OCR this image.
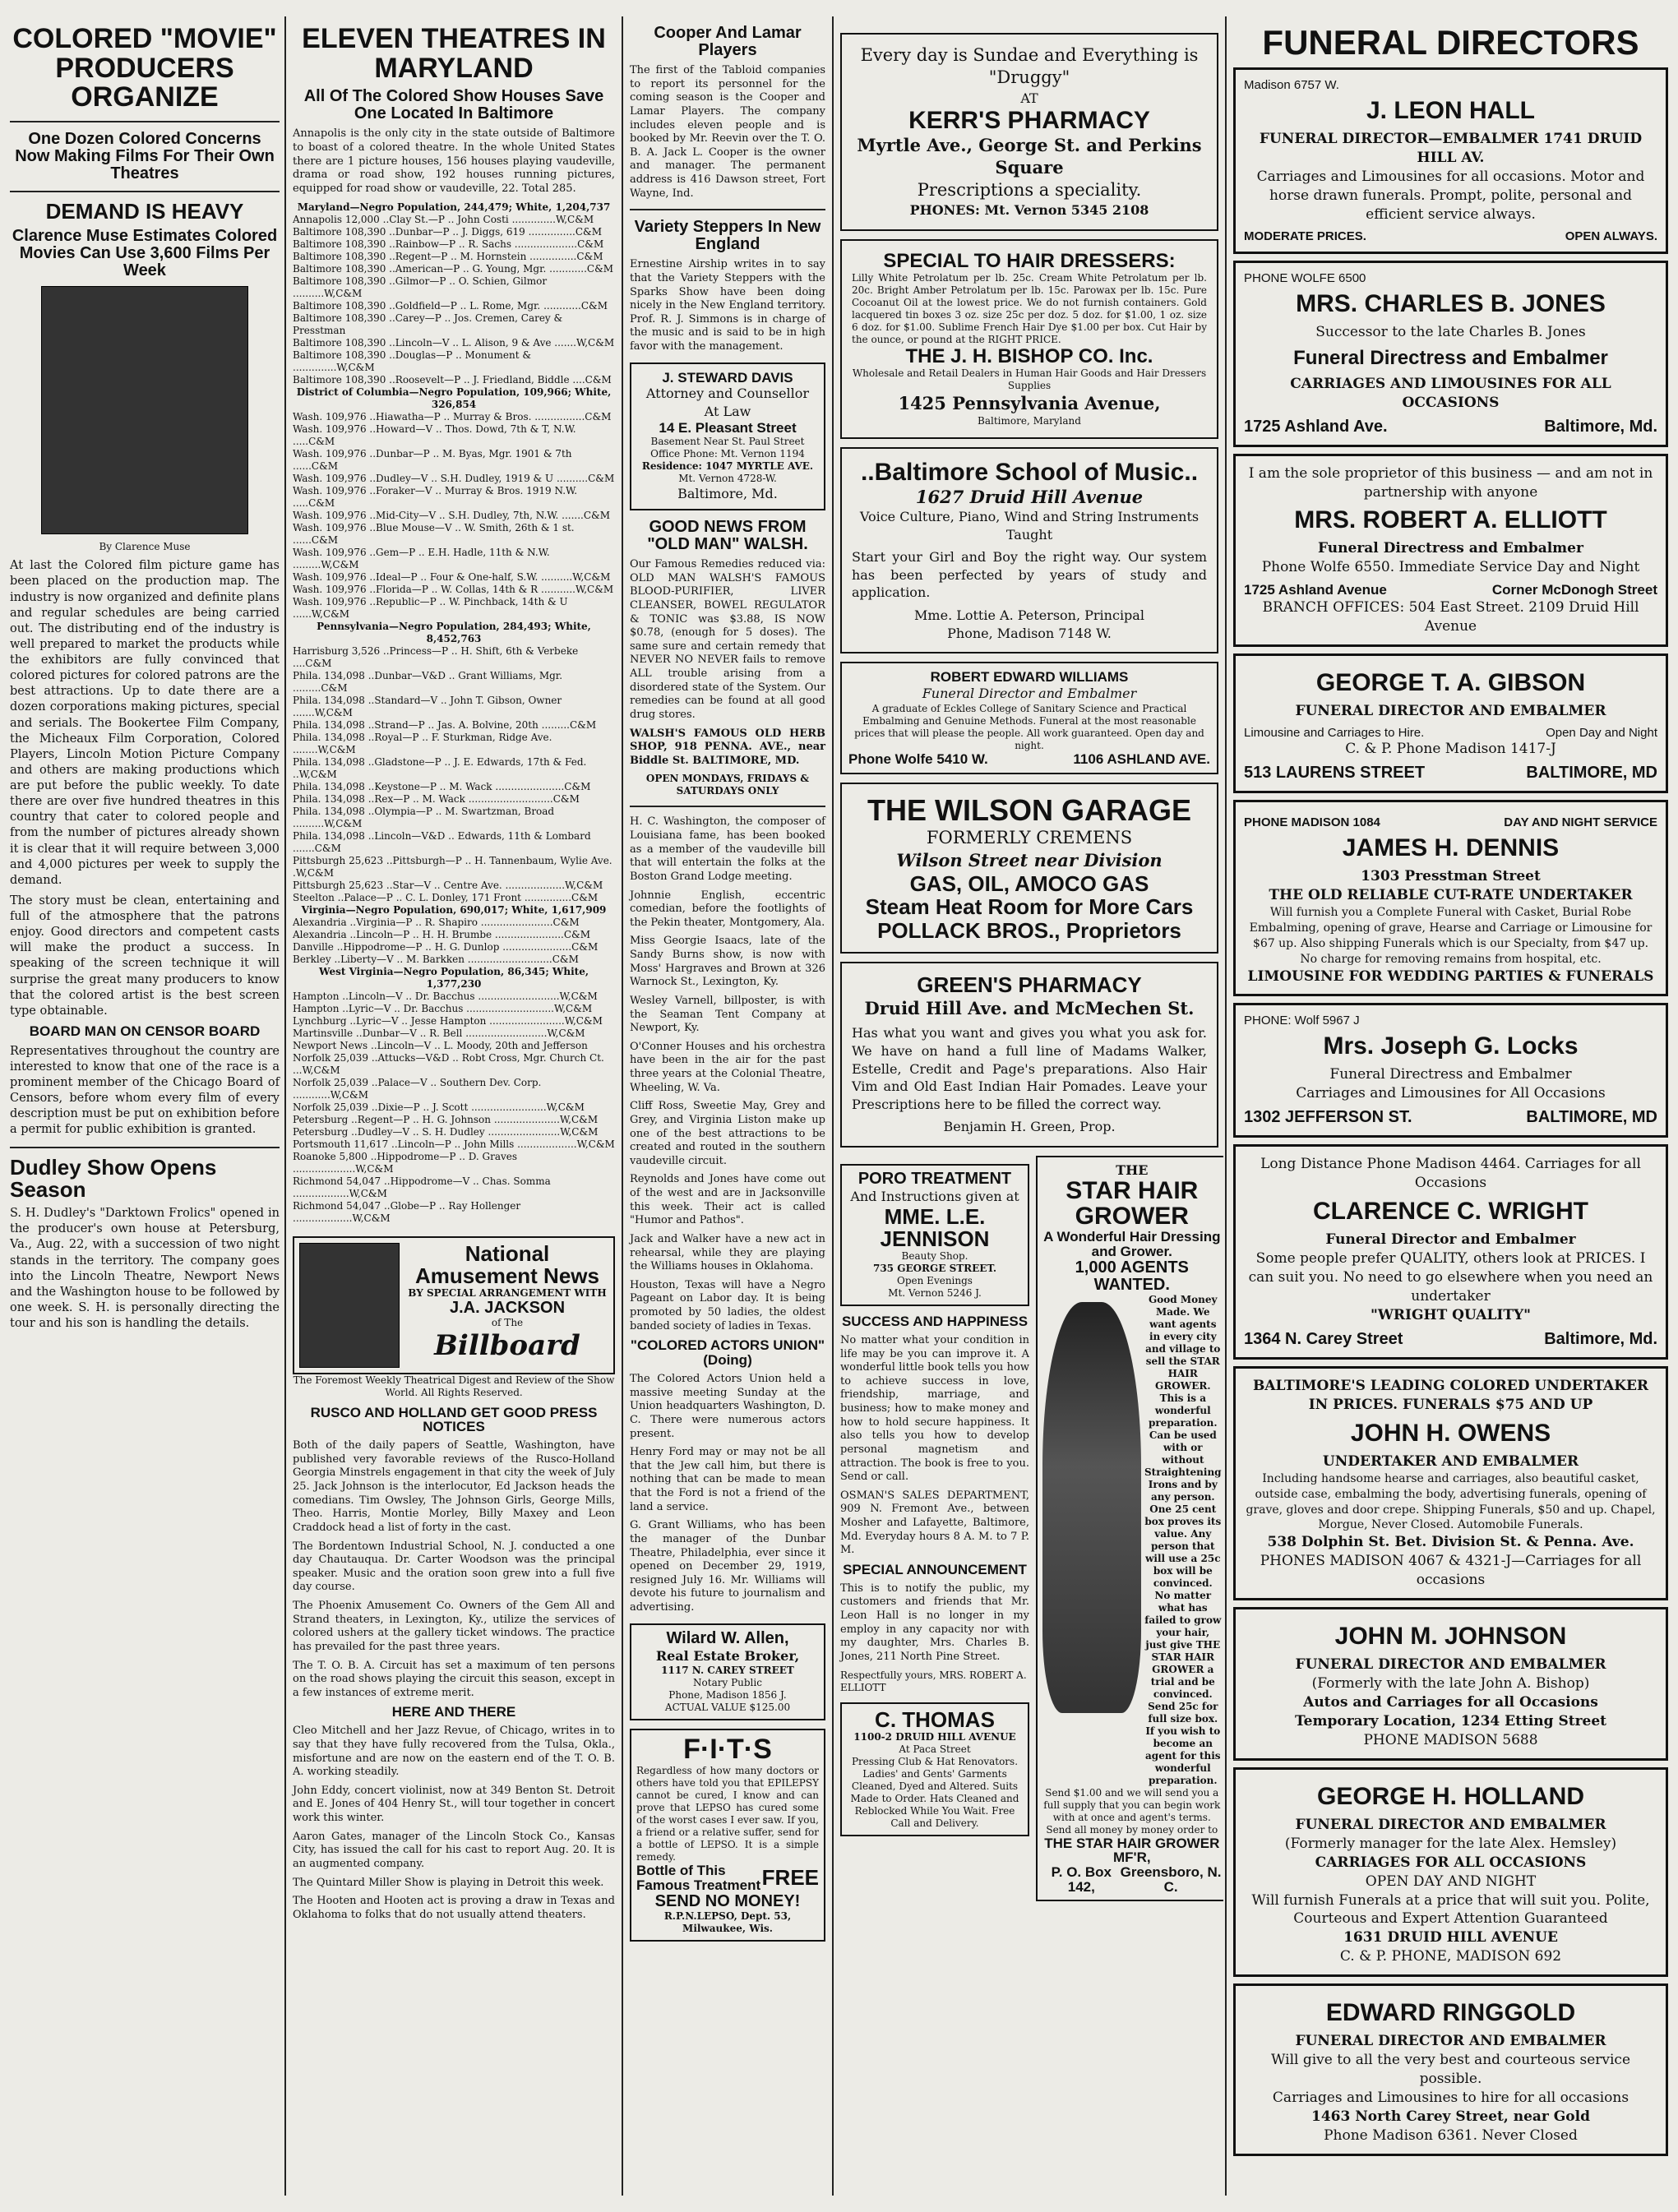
COLORED "MOVIE" PRODUCERS ORGANIZE

One Dozen Colored Concerns Now Making Films For Their Own Theatres

DEMAND IS HEAVY

Clarence Muse Estimates Colored Movies Can Use 3,600 Films Per Week

By Clarence Muse

At last the Colored film picture game has been placed on the production map. The industry is now organized and definite plans and regular schedules are being carried out. The distributing end of the industry is well prepared to market the products while the exhibitors are fully convinced that colored pictures for colored patrons are the best attractions. Up to date there are a dozen corporations making pictures, special and serials. The Bookertee Film Company, the Micheaux Film Corporation, Colored Players, Lincoln Motion Picture Company and others are making productions which are put before the public weekly. To date there are over five hundred theatres in this country that cater to colored people and from the number of pictures already shown it is clear that it will require between 3,000 and 4,000 pictures per week to supply the demand.

The story must be clean, entertaining and full of the atmosphere that the patrons enjoy. Good directors and competent casts will make the product a success. In speaking of the screen technique it will surprise the great many producers to know that the colored artist is the best screen type obtainable.

BOARD MAN ON CENSOR BOARD

Representatives throughout the country are interested to know that one of the race is a prominent member of the Chicago Board of Censors, before whom every film of every description must be put on exhibition before a permit for public exhibition is granted.

Dudley Show Opens Season

S. H. Dudley's "Darktown Frolics" opened in the producer's own house at Petersburg, Va., Aug. 22, with a succession of two night stands in the territory. The company goes into the Lincoln Theatre, Newport News and the Washington house to be followed by one week. S. H. is personally directing the tour and his son is handling the details.

ELEVEN THEATRES IN MARYLAND

All Of The Colored Show Houses Save One Located In Baltimore

Annapolis is the only city in the state outside of Baltimore to boast of a colored theatre. In the whole United States there are 1 picture houses, 156 houses playing vaudeville, drama or road show, 192 houses running pictures, equipped for road show or vaudeville, 22. Total 285.

Maryland—Negro Population, 244,479; White, 1,204,737

Annapolis 12,000 ..Clay St.—P .. John Costi ..............W,C&M
Baltimore 108,390 ..Dunbar—P .. J. Diggs, 619 ...............C&M
Baltimore 108,390 ..Rainbow—P .. R. Sachs ....................C&M
Baltimore 108,390 ..Regent—P .. M. Hornstein ...............C&M
Baltimore 108,390 ..American—P .. G. Young, Mgr. ............C&M
Baltimore 108,390 ..Gilmor—P .. O. Schien, Gilmor ..........W,C&M
Baltimore 108,390 ..Goldfield—P .. L. Rome, Mgr. ............C&M
Baltimore 108,390 ..Carey—P .. Jos. Cremen, Carey & Presstman
Baltimore 108,390 ..Lincoln—V .. L. Alison, 9 & Ave .......W,C&M
Baltimore 108,390 ..Douglas—P .. Monument & ..............W,C&M
Baltimore 108,390 ..Roosevelt—P .. J. Friedland, Biddle ....C&M

District of Columbia—Negro Population, 109,966; White, 326,854

Wash. 109,976 ..Hiawatha—P .. Murray & Bros. ................C&M
Wash. 109,976 ..Howard—V .. Thos. Dowd, 7th & T, N.W. .....C&M
Wash. 109,976 ..Dunbar—P .. M. Byas, Mgr. 1901 & 7th ......C&M
Wash. 109,976 ..Dudley—V .. S.H. Dudley, 1919 & U ..........C&M
Wash. 109,976 ..Foraker—V .. Murray & Bros. 1919 N.W. .....C&M
Wash. 109,976 ..Mid-City—V .. S.H. Dudley, 7th, N.W. .......C&M
Wash. 109,976 ..Blue Mouse—V .. W. Smith, 26th & 1 st. ......C&M
Wash. 109,976 ..Gem—P .. E.H. Hadle, 11th & N.W. .........W,C&M
Wash. 109,976 ..Ideal—P .. Four & One-half, S.W. ..........W,C&M
Wash. 109,976 ..Florida—P .. W. Collas, 14th & R ...........W,C&M
Wash. 109,976 ..Republic—P .. W. Pinchback, 14th & U ......W,C&M

Pennsylvania—Negro Population, 284,493; White, 8,452,763

Harrisburg 3,526 ..Princess—P .. H. Shift, 6th & Verbeke ....C&M
Phila. 134,098 ..Dunbar—V&D .. Grant Williams, Mgr. .........C&M
Phila. 134,098 ..Standard—V .. John T. Gibson, Owner .......W,C&M
Phila. 134,098 ..Strand—P .. Jas. A. Bolvine, 20th .........C&M
Phila. 134,098 ..Royal—P .. F. Sturkman, Ridge Ave. ........W,C&M
Phila. 134,098 ..Gladstone—P .. J. E. Edwards, 17th & Fed. ..W,C&M
Phila. 134,098 ..Keystone—P .. M. Wack ......................C&M
Phila. 134,098 ..Rex—P .. M. Wack ...........................C&M
Phila. 134,098 ..Olympia—P .. M. Swartzman, Broad ..........W,C&M
Phila. 134,098 ..Lincoln—V&D .. Edwards, 11th & Lombard .......C&M
Pittsburgh 25,623 ..Pittsburgh—P .. H. Tannenbaum, Wylie Ave. .W,C&M
Pittsburgh 25,623 ..Star—V .. Centre Ave. ...................W,C&M
Steelton ..Palace—P .. C. L. Donley, 171 Front ...............C&M

Virginia—Negro Population, 690,017; White, 1,617,909

Alexandria ..Virginia—P .. R. Shapiro .......................C&M
Alexandria ..Lincoln—P .. H. H. Brumbe ......................C&M
Danville ..Hippodrome—P .. H. G. Dunlop ......................C&M
Berkley ..Liberty—V .. M. Barkken ...........................C&M

West Virginia—Negro Population, 86,345; White, 1,377,230

Hampton ..Lincoln—V .. Dr. Bacchus ..........................W,C&M
Hampton ..Lyric—V .. Dr. Bacchus ............................W,C&M
Lynchburg ..Lyric—V .. Jesse Hampton ........................W,C&M
Martinsville ..Dunbar—V .. R. Bell ..........................W,C&M
Newport News ..Lincoln—V .. L. Moody, 20th and Jefferson
Norfolk 25,039 ..Attucks—V&D .. Robt Cross, Mgr. Church Ct. ...W,C&M
Norfolk 25,039 ..Palace—V .. Southern Dev. Corp. ............W,C&M
Norfolk 25,039 ..Dixie—P .. J. Scott ........................W,C&M
Petersburg ..Regent—P .. H. G. Johnson .....................W,C&M
Petersburg ..Dudley—V .. S. H. Dudley .......................W,C&M
Portsmouth 11,617 ..Lincoln—P .. John Mills ...................W,C&M
Roanoke 5,800 ..Hippodrome—P .. D. Graves ....................W,C&M
Richmond 54,047 ..Hippodrome—V .. Chas. Somma ..................W,C&M
Richmond 54,047 ..Globe—P .. Ray Hollenger ...................W,C&M
National Amusement News
BY SPECIAL ARRANGEMENT WITH
J.A. JACKSON
of The
Billboard

The Foremost Weekly Theatrical Digest and Review of the Show World. All Rights Reserved.

RUSCO AND HOLLAND GET GOOD PRESS NOTICES

Both of the daily papers of Seattle, Washington, have published very favorable reviews of the Rusco-Holland Georgia Minstrels engagement in that city the week of July 25. Jack Johnson is the interlocutor, Ed Jackson heads the comedians. Tim Owsley, The Johnson Girls, George Mills, Theo. Harris, Montie Morley, Billy Maxey and Leon Craddock head a list of forty in the cast.

The Bordentown Industrial School, N. J. conducted a one day Chautauqua. Dr. Carter Woodson was the principal speaker. Music and the oration soon grew into a full five day course.

The Phoenix Amusement Co. Owners of the Gem All and Strand theaters, in Lexington, Ky., utilize the services of colored ushers at the gallery ticket windows. The practice has prevailed for the past three years.

The T. O. B. A. Circuit has set a maximum of ten persons on the road shows playing the circuit this season, except in a few instances of extreme merit.

HERE AND THERE

Cleo Mitchell and her Jazz Revue, of Chicago, writes in to say that they have fully recovered from the Tulsa, Okla., misfortune and are now on the eastern end of the T. O. B. A. working steadily.

John Eddy, concert violinist, now at 349 Benton St. Detroit and E. Jones of 404 Henry St., will tour together in concert work this winter.

Aaron Gates, manager of the Lincoln Stock Co., Kansas City, has issued the call for his cast to report Aug. 20. It is an augmented company.

The Quintard Miller Show is playing in Detroit this week.

The Hooten and Hooten act is proving a draw in Texas and Oklahoma to folks that do not usually attend theaters.

Cooper And Lamar Players

The first of the Tabloid companies to report its personnel for the coming season is the Cooper and Lamar Players. The company includes eleven people and is booked by Mr. Reevin over the T. O. B. A. Jack L. Cooper is the owner and manager. The permanent address is 416 Dawson street, Fort Wayne, Ind.

Variety Steppers In New England

Ernestine Airship writes in to say that the Variety Steppers with the Sparks Show have been doing nicely in the New England territory. Prof. R. J. Simmons is in charge of the music and is said to be in high favor with the management.

J. STEWARD DAVIS
Attorney and Counsellor At Law
14 E. Pleasant Street
Basement Near St. Paul Street
Office Phone: Mt. Vernon 1194
Residence: 1047 MYRTLE AVE.
Mt. Vernon 4728-W.
Baltimore, Md.
GOOD NEWS FROM "OLD MAN" WALSH.

Our Famous Remedies reduced via: OLD MAN WALSH'S FAMOUS BLOOD-PURIFIER, LIVER CLEANSER, BOWEL REGULATOR & TONIC was $3.88, IS NOW $0.78, (enough for 5 doses). The same sure and certain remedy that NEVER NO NEVER fails to remove ALL trouble arising from a disordered state of the System. Our remedies can be found at all good drug stores.

WALSH'S FAMOUS OLD HERB SHOP, 918 PENNA. AVE., near Biddle St. BALTIMORE, MD.

OPEN MONDAYS, FRIDAYS & SATURDAYS ONLY

H. C. Washington, the composer of Louisiana fame, has been booked as a member of the vaudeville bill that will entertain the folks at the Boston Grand Lodge meeting.

Johnnie English, eccentric comedian, before the footlights of the Pekin theater, Montgomery, Ala.

Miss Georgie Isaacs, late of the Sandy Burns show, is now with Moss' Hargraves and Brown at 326 Warnock St., Lexington, Ky.

Wesley Varnell, billposter, is with the Seaman Tent Company at Newport, Ky.

O'Conner Houses and his orchestra have been in the air for the past three years at the Colonial Theatre, Wheeling, W. Va.

Cliff Ross, Sweetie May, Grey and Grey, and Virginia Liston make up one of the best attractions to be created and routed in the southern vaudeville circuit.

Reynolds and Jones have come out of the west and are in Jacksonville this week. Their act is called "Humor and Pathos".

Jack and Walker have a new act in rehearsal, while they are playing the Williams houses in Oklahoma.

Houston, Texas will have a Negro Pageant on Labor day. It is being promoted by 50 ladies, the oldest banded society of ladies in Texas.

"COLORED ACTORS UNION" (Doing)

The Colored Actors Union held a massive meeting Sunday at the Union headquarters Washington, D. C. There were numerous actors present.

Henry Ford may or may not be all that the Jew call him, but there is nothing that can be made to mean that the Ford is not a friend of the land a service.

G. Grant Williams, who has been the manager of the Dunbar Theatre, Philadelphia, ever since it opened on December 29, 1919, resigned July 16. Mr. Williams will devote his future to journalism and advertising.

Wilard W. Allen,
Real Estate Broker,
1117 N. CAREY STREET
Notary Public
Phone, Madison 1856 J.
ACTUAL VALUE $125.00
F·I·T·S

Regardless of how many doctors or others have told you that EPILEPSY cannot be cured, I know and can prove that LEPSO has cured some of the worst cases I ever saw. If you, a friend or a relative suffer, send for a bottle of LEPSO. It is a simple remedy.

Bottle of This Famous Treatment FREE
SEND NO MONEY!
R.P.N.LEPSO, Dept. 53, Milwaukee, Wis.
Every day is Sundae and Everything is "Druggy"
AT
KERR'S PHARMACY
Myrtle Ave., George St. and Perkins Square
Prescriptions a speciality.
PHONES: Mt. Vernon 5345 2108
SPECIAL TO HAIR DRESSERS:

Lilly White Petrolatum per lb. 25c. Cream White Petrolatum per lb. 20c. Bright Amber Petrolatum per lb. 15c. Parowax per lb. 15c. Pure Cocoanut Oil at the lowest price. We do not furnish containers. Gold lacquered tin boxes 3 oz. size 25c per doz. 5 doz. for $1.00, 1 oz. size 6 doz. for $1.00. Sublime French Hair Dye $1.00 per box. Cut Hair by the ounce, or pound at the RIGHT PRICE.

THE J. H. BISHOP CO. Inc.
Wholesale and Retail Dealers in Human Hair Goods and Hair Dressers Supplies
1425 Pennsylvania Avenue,
Baltimore, Maryland
..Baltimore School of Music..
1627 Druid Hill Avenue
Voice Culture, Piano, Wind and String Instruments Taught

Start your Girl and Boy the right way. Our system has been perfected by years of study and application.

Mme. Lottie A. Peterson, Principal
Phone, Madison 7148 W.
ROBERT EDWARD WILLIAMS
Funeral Director and Embalmer

A graduate of Eckles College of Sanitary Science and Practical Embalming and Genuine Methods. Funeral at the most reasonable prices that will please the people. All work guaranteed. Open day and night.

Phone Wolfe 5410 W.	1106 ASHLAND AVE.
THE WILSON GARAGE
FORMERLY CREMENS
Wilson Street near Division
GAS, OIL, AMOCO GAS
Steam Heat Room for More Cars
POLLACK BROS., Proprietors
GREEN'S PHARMACY
Druid Hill Ave. and McMechen St.

Has what you want and gives you what you ask for. We have on hand a full line of Madams Walker, Estelle, Credit and Page's preparations. Also Hair Vim and Old East Indian Hair Pomades. Leave your Prescriptions here to be filled the correct way.

Benjamin H. Green, Prop.
PORO TREATMENT
And Instructions given at
MME. L.E. JENNISON
Beauty Shop.
735 GEORGE STREET.
Open Evenings
Mt. Vernon 5246 J.
SUCCESS AND HAPPINESS

No matter what your condition in life may be you can improve it. A wonderful little book tells you how to achieve success in love, friendship, marriage, and business; how to make money and how to hold secure happiness. It also tells you how to develop personal magnetism and attraction. The book is free to you. Send or call.

OSMAN'S SALES DEPARTMENT, 909 N. Fremont Ave., between Mosher and Lafayette, Baltimore, Md. Everyday hours 8 A. M. to 7 P. M.

SPECIAL ANNOUNCEMENT

This is to notify the public, my customers and friends that Mr. Leon Hall is no longer in my employ in any capacity nor with my daughter, Mrs. Charles B. Jones, 211 North Pine Street.

Respectfully yours, MRS. ROBERT A. ELLIOTT

C. THOMAS
1100-2 DRUID HILL AVENUE
At Paca Street
Pressing Club & Hat Renovators. Ladies' and Gents' Garments Cleaned, Dyed and Altered. Suits Made to Order. Hats Cleaned and Reblocked While You Wait. Free Call and Delivery.
THE
STAR HAIR GROWER
A Wonderful Hair Dressing and Grower.
1,000 AGENTS WANTED.

Good Money Made. We want agents in every city and village to sell the STAR HAIR GROWER. This is a wonderful preparation. Can be used with or without Straightening Irons and by any person. One 25 cent box proves its value. Any person that will use a 25c box will be convinced. No matter what has failed to grow your hair, just give THE STAR HAIR GROWER a trial and be convinced. Send 25c for full size box. If you wish to become an agent for this wonderful preparation.

Send $1.00 and we will send you a full supply that you can begin work with at once and agent's terms. Send all money by money order to

THE STAR HAIR GROWER MF'R,
P. O. Box 142,
Greensboro, N. C.
FUNERAL DIRECTORS
Madison 6757 W.
J. LEON HALL
FUNERAL DIRECTOR—EMBALMER 1741 DRUID HILL AV.
Carriages and Limousines for all occasions. Motor and horse drawn funerals. Prompt, polite, personal and efficient service always.
MODERATE PRICES.	OPEN ALWAYS.
PHONE WOLFE 6500
MRS. CHARLES B. JONES
Successor to the late Charles B. Jones
Funeral Directress and Embalmer
CARRIAGES AND LIMOUSINES FOR ALL OCCASIONS
1725 Ashland Ave.	Baltimore, Md.
I am the sole proprietor of this business — and am not in partnership with anyone
MRS. ROBERT A. ELLIOTT
Funeral Directress and Embalmer
Phone Wolfe 6550. Immediate Service Day and Night
1725 Ashland Avenue	Corner McDonogh Street
BRANCH OFFICES: 504 East Street. 2109 Druid Hill Avenue
GEORGE T. A. GIBSON
FUNERAL DIRECTOR AND EMBALMER
Limousine and Carriages to Hire.	Open Day and Night
C. & P. Phone Madison 1417-J
513 LAURENS STREET	BALTIMORE, MD
PHONE MADISON 1084	DAY AND NIGHT SERVICE
JAMES H. DENNIS
1303 Presstman Street
THE OLD RELIABLE CUT-RATE UNDERTAKER
Will furnish you a Complete Funeral with Casket, Burial Robe Embalming, opening of grave, Hearse and Carriage or Limousine for $67 up. Also shipping Funerals which is our Specialty, from $47 up. No charge for removing remains from hospital, etc.
LIMOUSINE FOR WEDDING PARTIES & FUNERALS
PHONE: Wolf 5967 J
Mrs. Joseph G. Locks
Funeral Directress and Embalmer
Carriages and Limousines for All Occasions
1302 JEFFERSON ST.	BALTIMORE, MD
Long Distance Phone Madison 4464. Carriages for all Occasions
CLARENCE C. WRIGHT
Funeral Director and Embalmer
Some people prefer QUALITY, others look at PRICES. I can suit you. No need to go elsewhere when you need an undertaker
"WRIGHT QUALITY"
1364 N. Carey Street	Baltimore, Md.
BALTIMORE'S LEADING COLORED UNDERTAKER IN PRICES. FUNERALS $75 AND UP
JOHN H. OWENS
UNDERTAKER AND EMBALMER
Including handsome hearse and carriages, also beautiful casket, outside case, embalming the body, advertising funerals, opening of grave, gloves and door crepe. Shipping Funerals, $50 and up. Chapel, Morgue, Never Closed. Automobile Funerals.
538 Dolphin St. Bet. Division St. & Penna. Ave.
PHONES MADISON 4067 & 4321-J—Carriages for all occasions
JOHN M. JOHNSON
FUNERAL DIRECTOR AND EMBALMER
(Formerly with the late John A. Bishop)
Autos and Carriages for all Occasions
Temporary Location, 1234 Etting Street
PHONE MADISON 5688
GEORGE H. HOLLAND
FUNERAL DIRECTOR AND EMBALMER
(Formerly manager for the late Alex. Hemsley)
CARRIAGES FOR ALL OCCASIONS
OPEN DAY AND NIGHT
Will furnish Funerals at a price that will suit you. Polite, Courteous and Expert Attention Guaranteed
1631 DRUID HILL AVENUE
C. & P. PHONE, MADISON 692
EDWARD RINGGOLD
FUNERAL DIRECTOR AND EMBALMER
Will give to all the very best and courteous service possible.
Carriages and Limousines to hire for all occasions
1463 North Carey Street, near Gold
Phone Madison 6361. Never Closed
